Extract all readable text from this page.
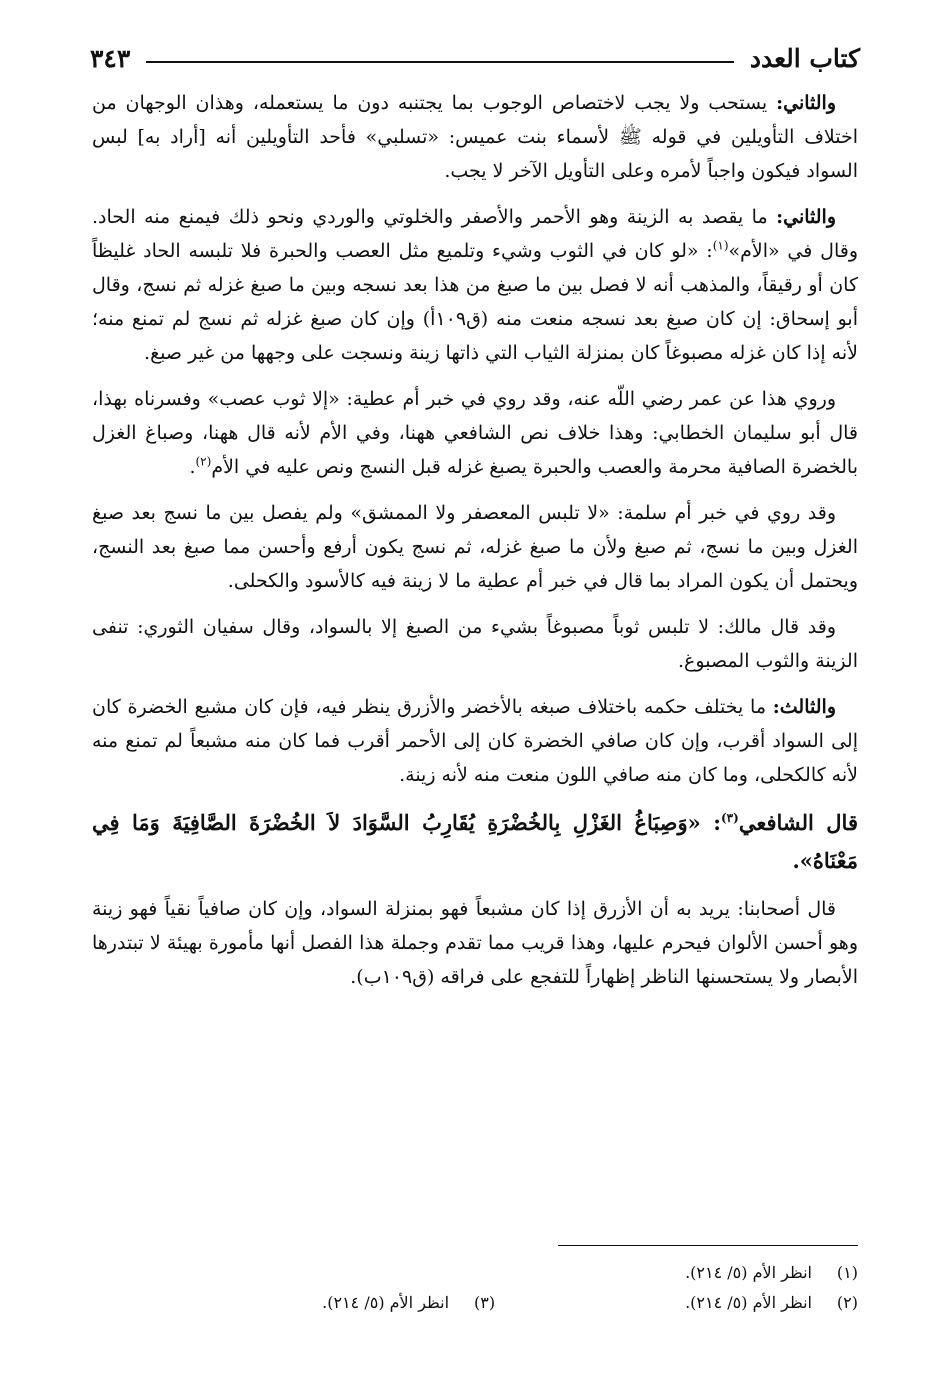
كتاب العدد
٣٤٣

والثاني: يستحب ولا يجب لاختصاص الوجوب بما يجتنبه دون ما يستعمله، وهذان الوجهان من اختلاف التأويلين في قوله ﷺ لأسماء بنت عميس: «تسلبي» فأحد التأويلين أنه [أراد به] لبس السواد فيكون واجباً لأمره وعلى التأويل الآخر لا يجب.

والثاني: ما يقصد به الزينة وهو الأحمر والأصفر والخلوتي والوردي ونحو ذلك فيمنع منه الحاد. وقال في «الأم»$^{(١)}$: «لو كان في الثوب وشيء وتلميع مثل العصب والحبرة فلا تلبسه الحاد غليظاً كان أو رقيقاً، والمذهب أنه لا فصل بين ما صبغ من هذا بعد نسجه وبين ما صبغ غزله ثم نسج، وقال أبو إسحاق: إن كان صبغ بعد نسجه منعت منه (ق١٠٩أ) وإن كان صبغ غزله ثم نسج لم تمنع منه؛ لأنه إذا كان غزله مصبوغاً كان بمنزلة الثياب التي ذاتها زينة ونسجت على وجهها من غير صبغ.

وروي هذا عن عمر رضي اللّه عنه، وقد روي في خبر أم عطية: «إلا ثوب عصب» وفسرناه بهذا، قال أبو سليمان الخطابي: وهذا خلاف نص الشافعي ههنا، وفي الأم لأنه قال ههنا، وصباغ الغزل بالخضرة الصافية محرمة والعصب والحبرة يصبغ غزله قبل النسج ونص عليه في الأم$^{(٢)}$.

وقد روي في خبر أم سلمة: «لا تلبس المعصفر ولا الممشق» ولم يفصل بين ما نسج بعد صبغ الغزل وبين ما نسج، ثم صبغ ولأن ما صبغ غزله، ثم نسج يكون أرفع وأحسن مما صبغ بعد النسج، ويحتمل أن يكون المراد بما قال في خبر أم عطية ما لا زينة فيه كالأسود والكحلى.

وقد قال مالك: لا تلبس ثوباً مصبوغاً بشيء من الصبغ إلا بالسواد، وقال سفيان الثوري: تنفى الزينة والثوب المصبوغ.

والثالث: ما يختلف حكمه باختلاف صبغه بالأخضر والأزرق ينظر فيه، فإن كان مشبع الخضرة كان إلى السواد أقرب، وإن كان صافي الخضرة كان إلى الأحمر أقرب فما كان منه مشبعاً لم تمنع منه لأنه كالكحلى، وما كان منه صافي اللون منعت منه لأنه زينة.

قال الشافعي$^{(٣)}$: «وَصِبَاغُ الغَزْلِ بِالخُضْرَةِ يُقَارِبُ السَّوَادَ لاَ الخُضْرَةَ الصَّافِيَةَ وَمَا فِي مَعْنَاهُ».

قال أصحابنا: يريد به أن الأزرق إذا كان مشبعاً فهو بمنزلة السواد، وإن كان صافياً نقياً فهو زينة وهو أحسن الألوان فيحرم عليها، وهذا قريب مما تقدم وجملة هذا الفصل أنها مأمورة بهيئة لا تبتدرها الأبصار ولا يستحسنها الناظر إظهاراً للتفجع على فراقه (ق١٠٩ب).

(١)
انظر الأم (٥/ ٢١٤).
(٢)
انظر الأم (٥/ ٢١٤).
(٣)
انظر الأم (٥/ ٢١٤).
